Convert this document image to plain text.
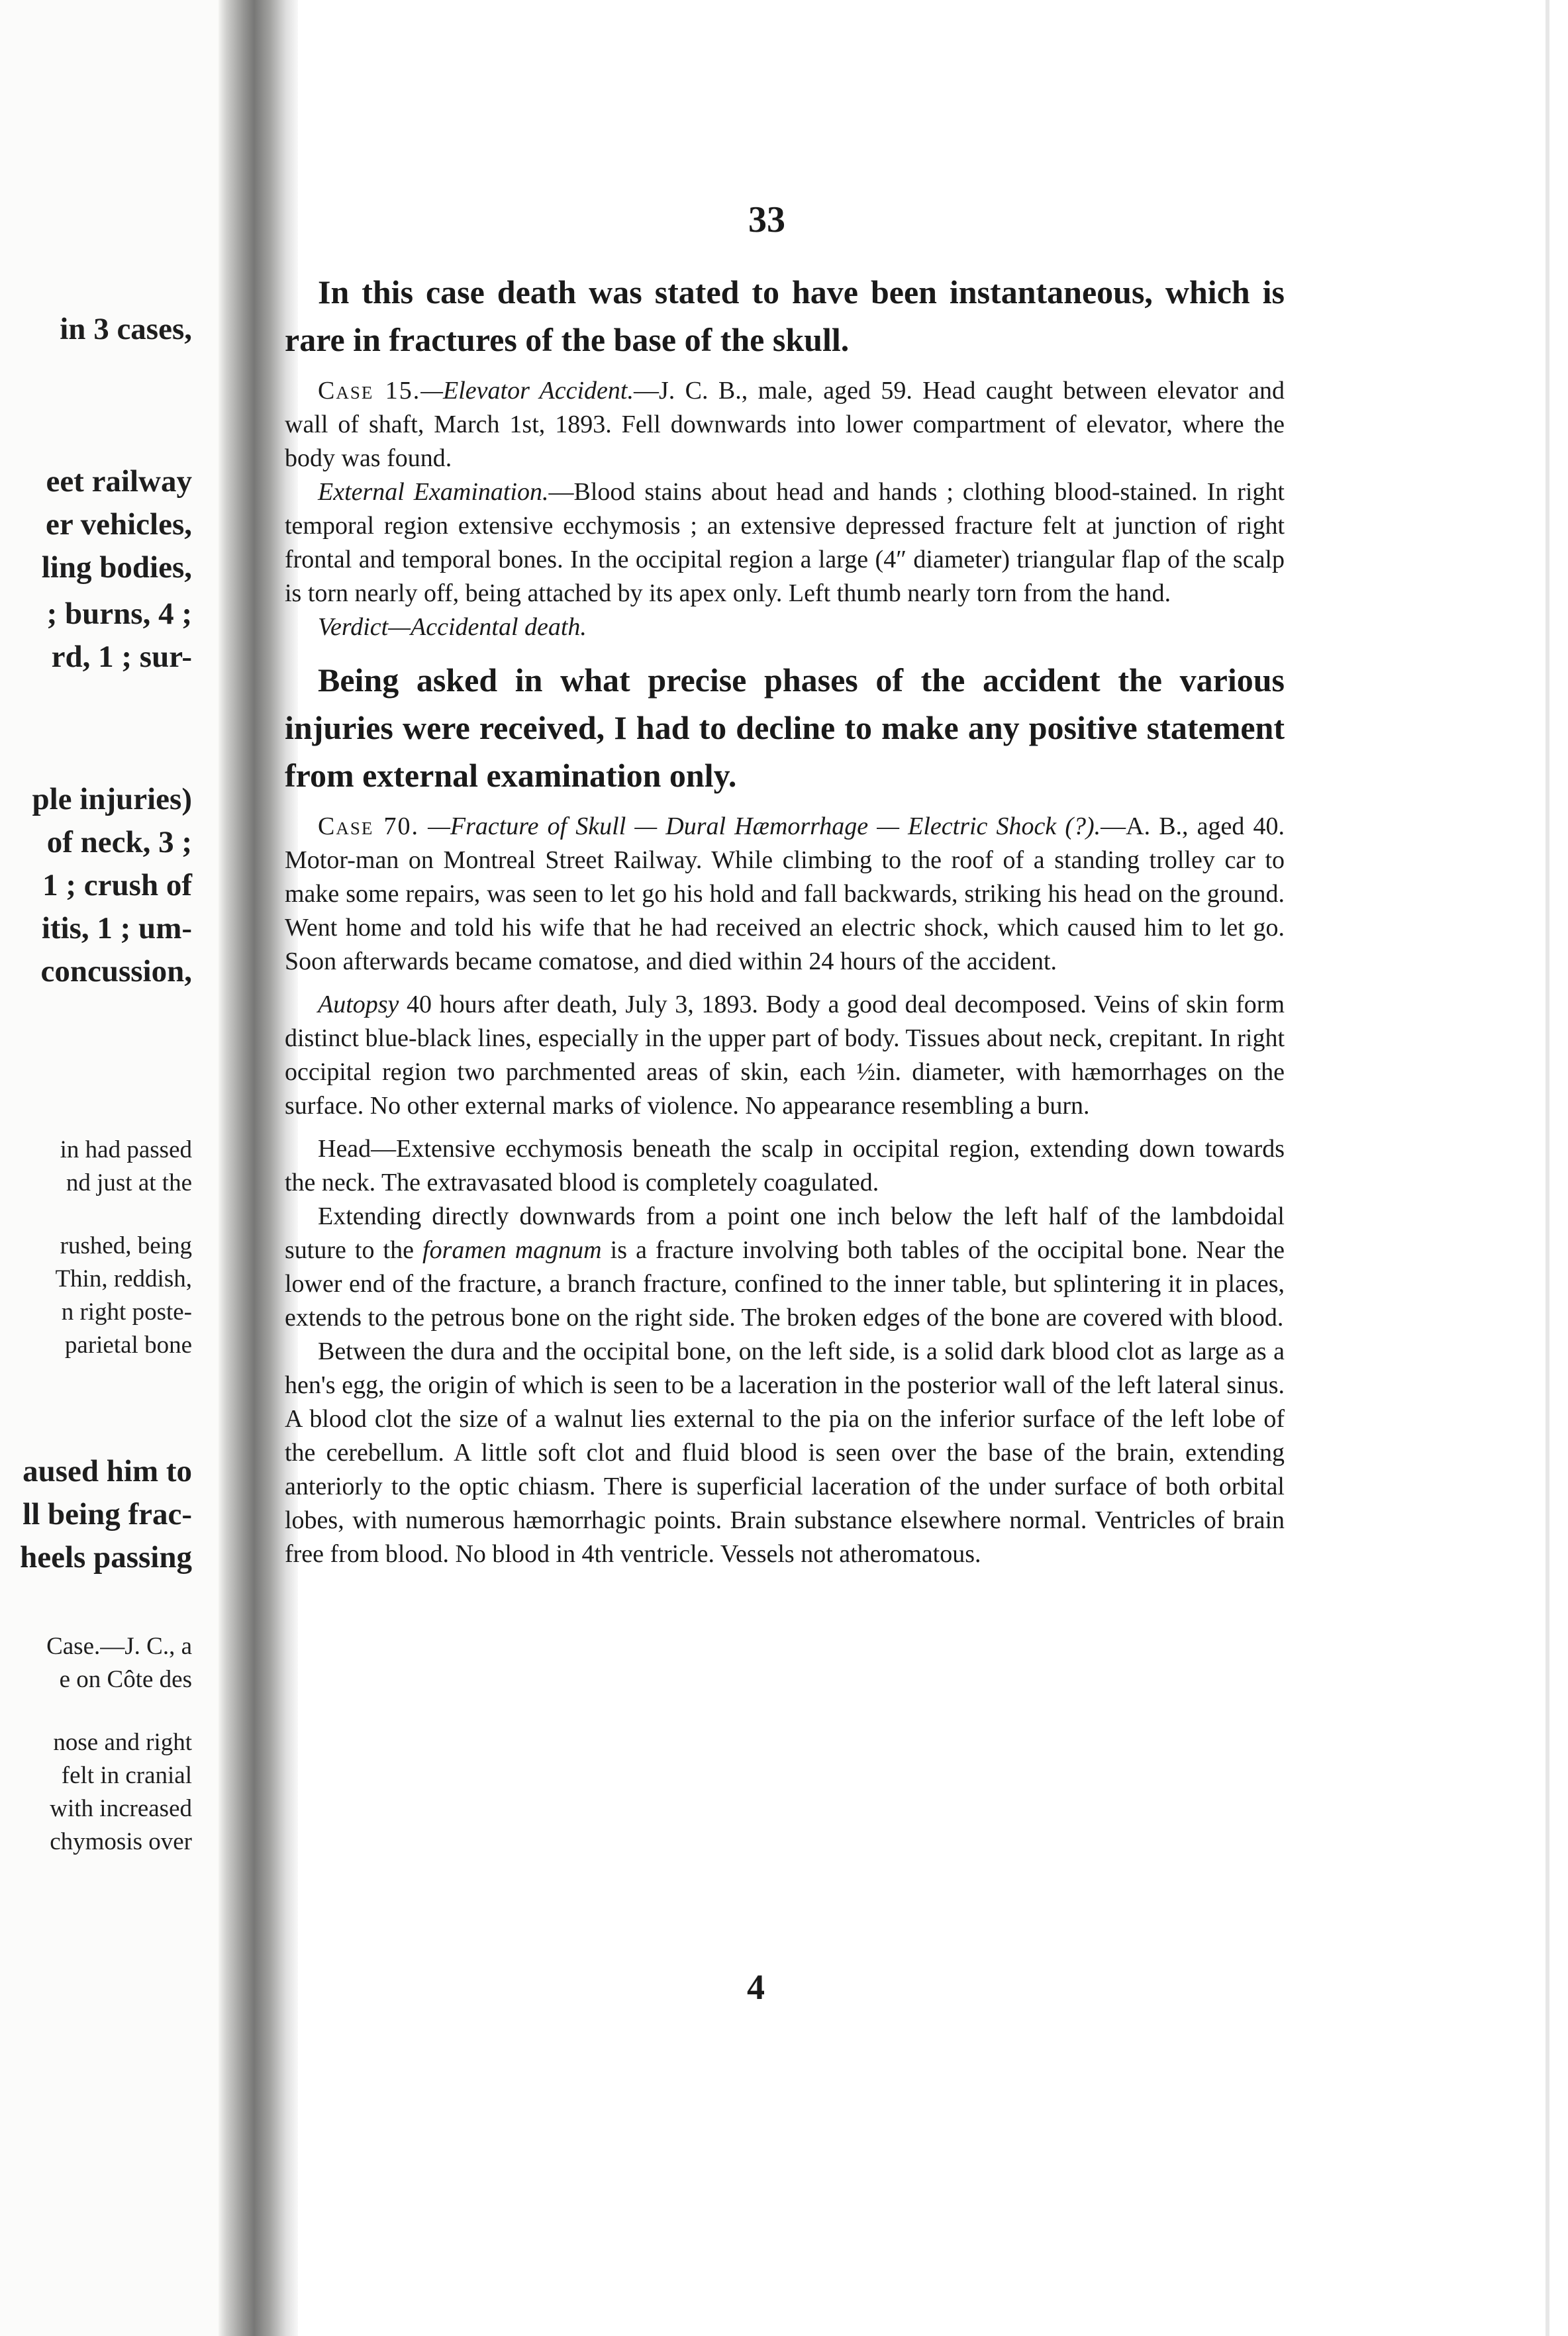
in 3 cases,
eet railway
er vehicles,
ling bodies,
; burns, 4 ;
rd, 1 ; sur-
ple injuries)
of neck, 3 ;
1 ; crush of
itis, 1 ; um-
concussion,
in had passed
nd just at the
rushed, being
Thin, reddish,
n right poste-
parietal bone
aused him to
ll being frac-
heels passing
Case.—J. C., a
e on Côte des
nose and right
felt in cranial
with increased
chymosis over
33

In this case death was stated to have been instantaneous, which is rare in fractures of the base of the skull.

Case 15.—Elevator Accident.—J. C. B., male, aged 59. Head caught between elevator and wall of shaft, March 1st, 1893. Fell downwards into lower compartment of elevator, where the body was found.

External Examination.—Blood stains about head and hands ; clothing blood-stained. In right temporal region extensive ecchymosis ; an extensive depressed fracture felt at junction of right frontal and temporal bones. In the occipital region a large (4″ diameter) triangular flap of the scalp is torn nearly off, being attached by its apex only. Left thumb nearly torn from the hand.

Verdict—Accidental death.

Being asked in what precise phases of the accident the various injuries were received, I had to decline to make any positive statement from external examination only.

Case 70. —Fracture of Skull — Dural Hæmorrhage — Electric Shock (?).—A. B., aged 40. Motor-man on Montreal Street Railway. While climbing to the roof of a standing trolley car to make some repairs, was seen to let go his hold and fall backwards, striking his head on the ground. Went home and told his wife that he had received an electric shock, which caused him to let go. Soon afterwards became comatose, and died within 24 hours of the accident.

Autopsy 40 hours after death, July 3, 1893. Body a good deal decomposed. Veins of skin form distinct blue-black lines, especially in the upper part of body. Tissues about neck, crepitant. In right occipital region two parchmented areas of skin, each ½in. diameter, with hæmorrhages on the surface. No other external marks of violence. No appearance resembling a burn.

Head—Extensive ecchymosis beneath the scalp in occipital region, extending down towards the neck. The extravasated blood is completely coagulated.

Extending directly downwards from a point one inch below the left half of the lambdoidal suture to the foramen magnum is a fracture involving both tables of the occipital bone. Near the lower end of the fracture, a branch fracture, confined to the inner table, but splintering it in places, extends to the petrous bone on the right side. The broken edges of the bone are covered with blood.

Between the dura and the occipital bone, on the left side, is a solid dark blood clot as large as a hen's egg, the origin of which is seen to be a laceration in the posterior wall of the left lateral sinus. A blood clot the size of a walnut lies external to the pia on the inferior surface of the left lobe of the cerebellum. A little soft clot and fluid blood is seen over the base of the brain, extending anteriorly to the optic chiasm. There is superficial laceration of the under surface of both orbital lobes, with numerous hæmorrhagic points. Brain substance elsewhere normal. Ventricles of brain free from blood. No blood in 4th ventricle. Vessels not atheromatous.

4
